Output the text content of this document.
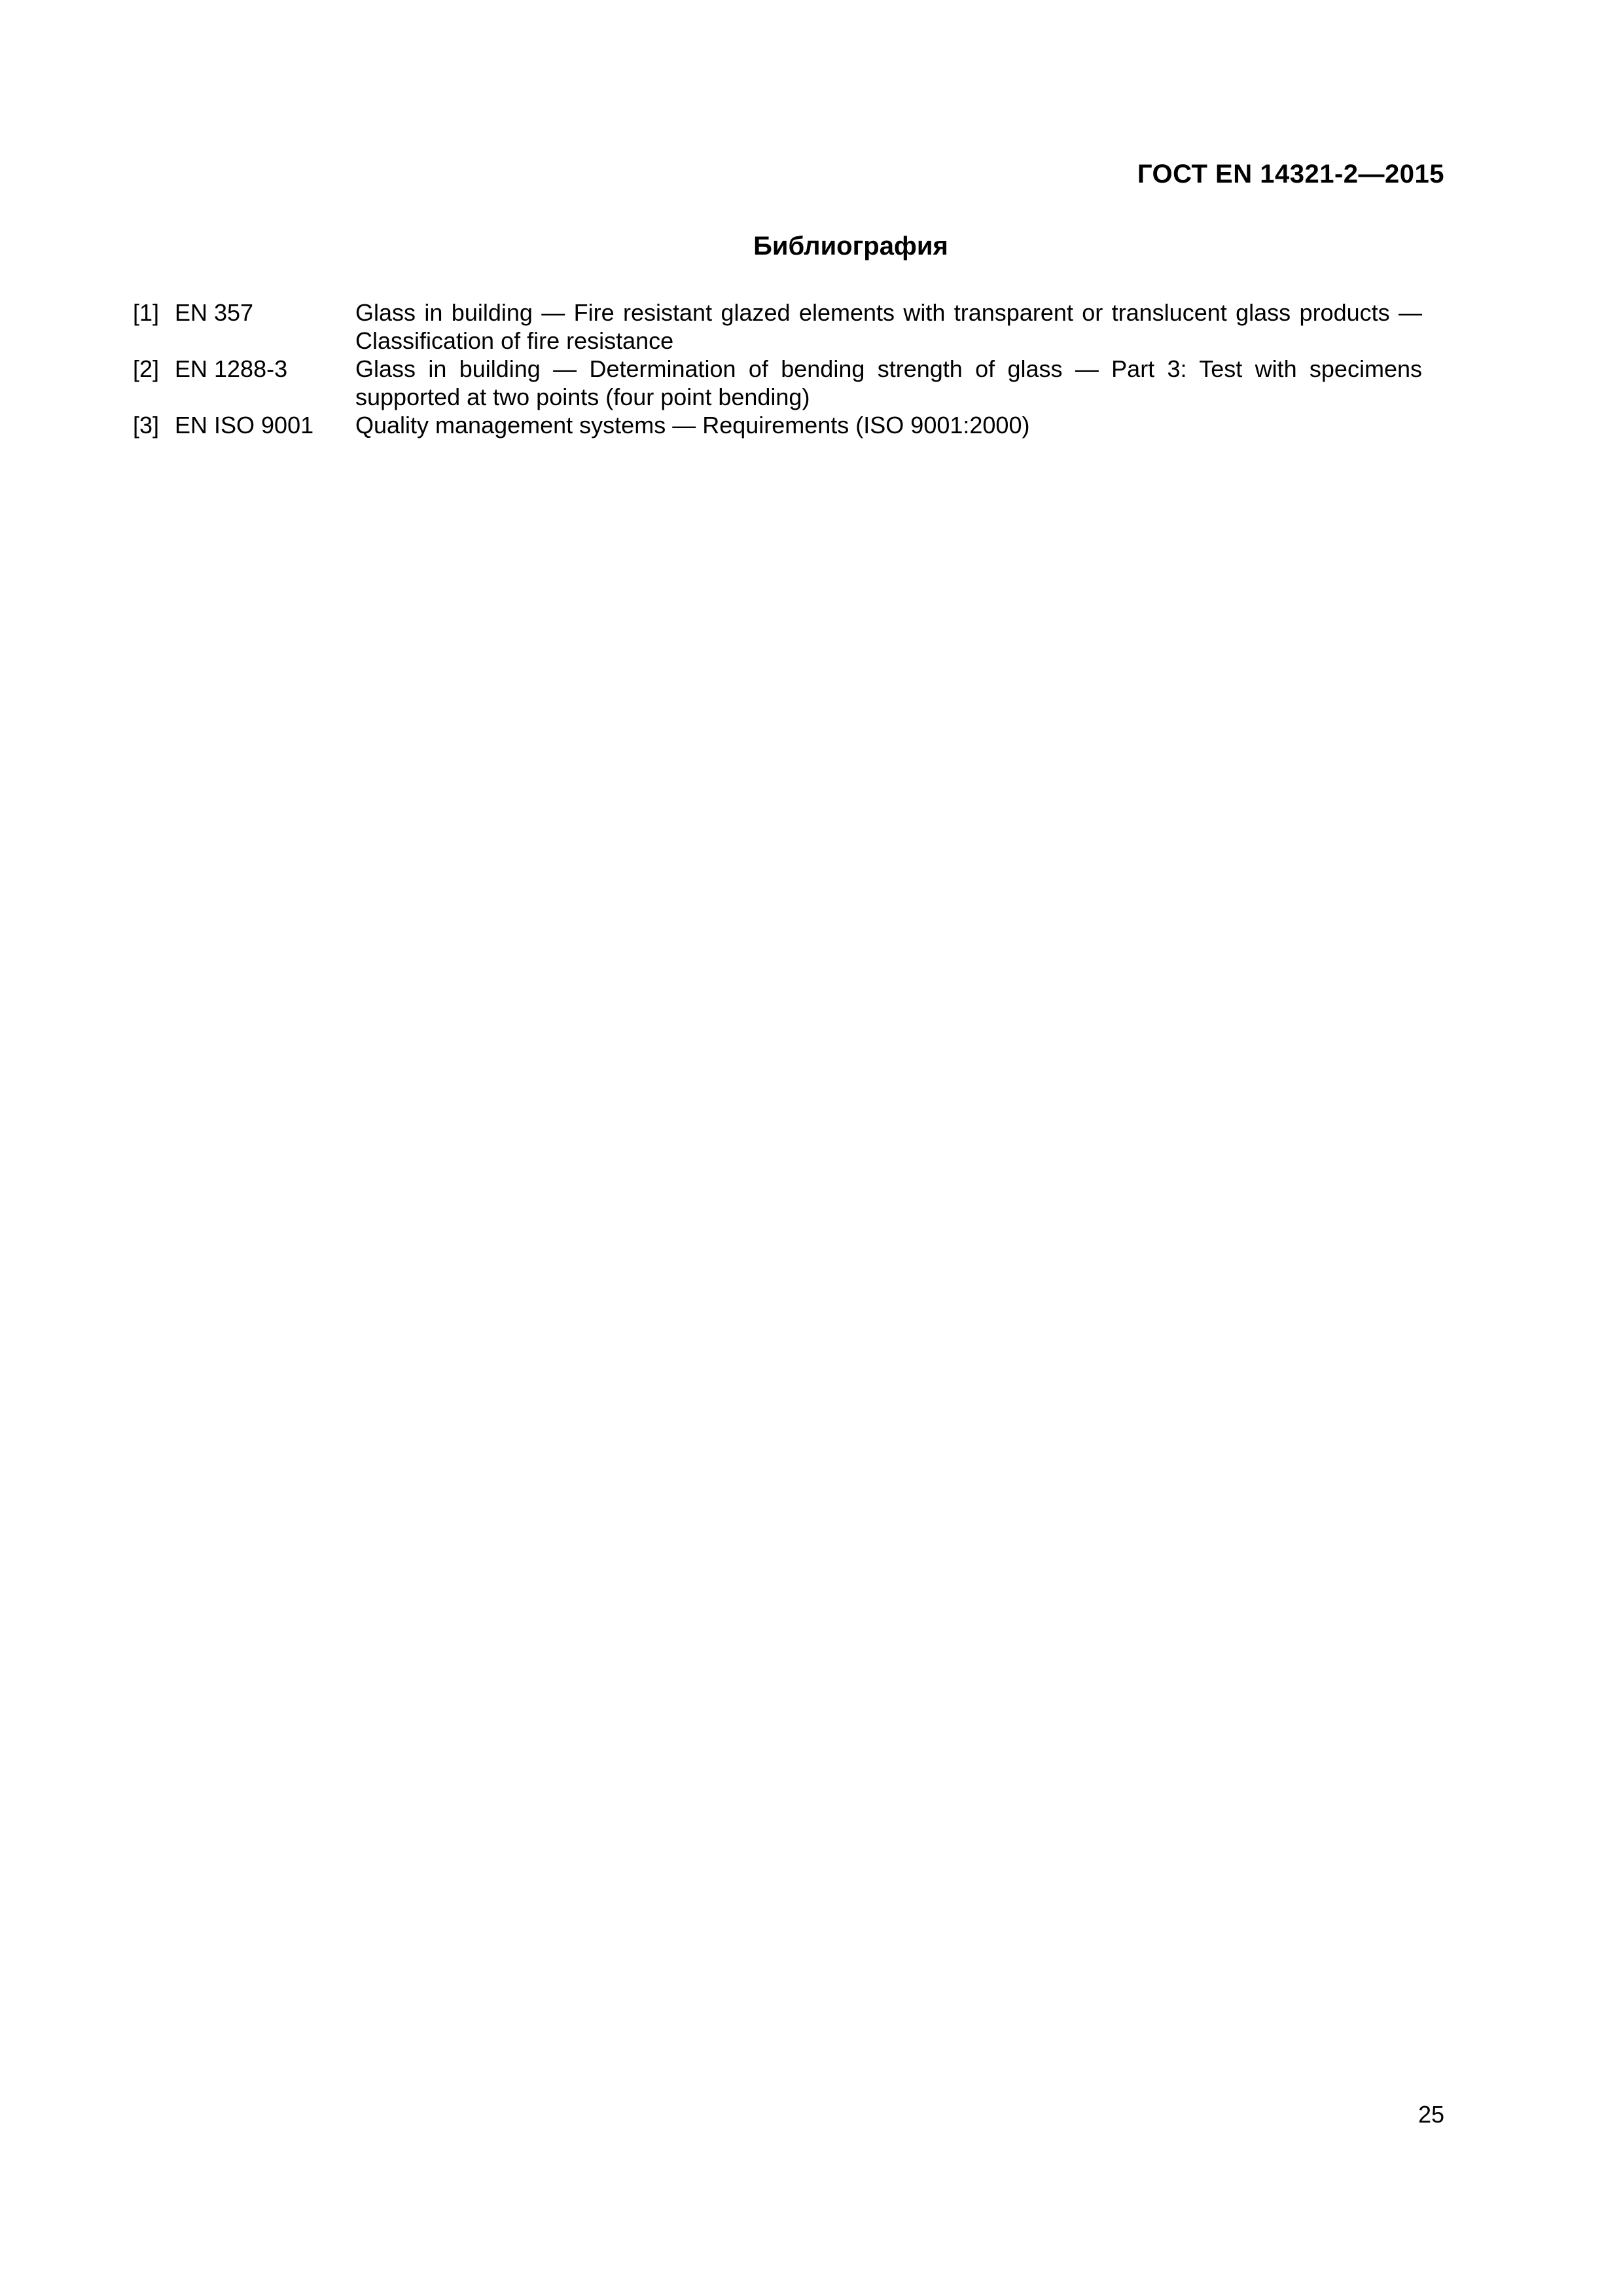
ГОСТ EN 14321-2—2015
Библиография
[1] EN 357	Glass in building — Fire resistant glazed elements with transparent or translucent glass products — Classification of fire resistance
[2] EN 1288-3	Glass in building — Determination of bending strength of glass — Part 3: Test with specimens supported at two points (four point bending)
[3] EN ISO 9001	Quality management systems — Requirements (ISO 9001:2000)
25
